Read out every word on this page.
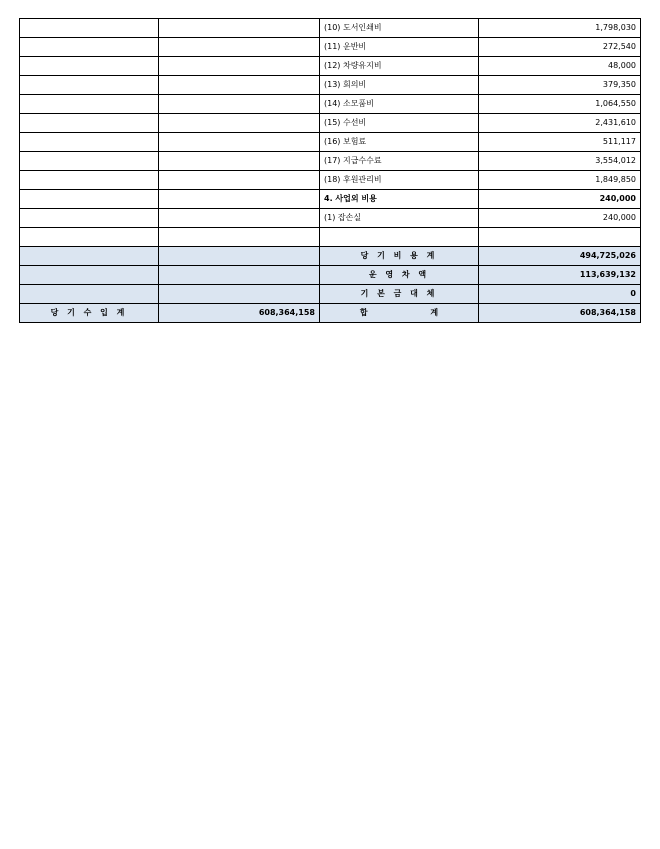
		(10) 도서인쇄비	1,798,030
		(11) 운반비	272,540
		(12) 차량유지비	48,000
		(13) 회의비	379,350
		(14) 소모품비	1,064,550
		(15) 수선비	2,431,610
		(16) 보험료	511,117
		(17) 지급수수료	3,554,012
		(18) 후원관리비	1,849,850
		4. 사업외 비용	240,000
		(1) 잡손실	240,000

		당 기 비 용 계	494,725,026
		운 영 차 액	113,639,132
		기 본 금 대 체	0
당 기 수 입 계	608,364,158	합 계	608,364,158
